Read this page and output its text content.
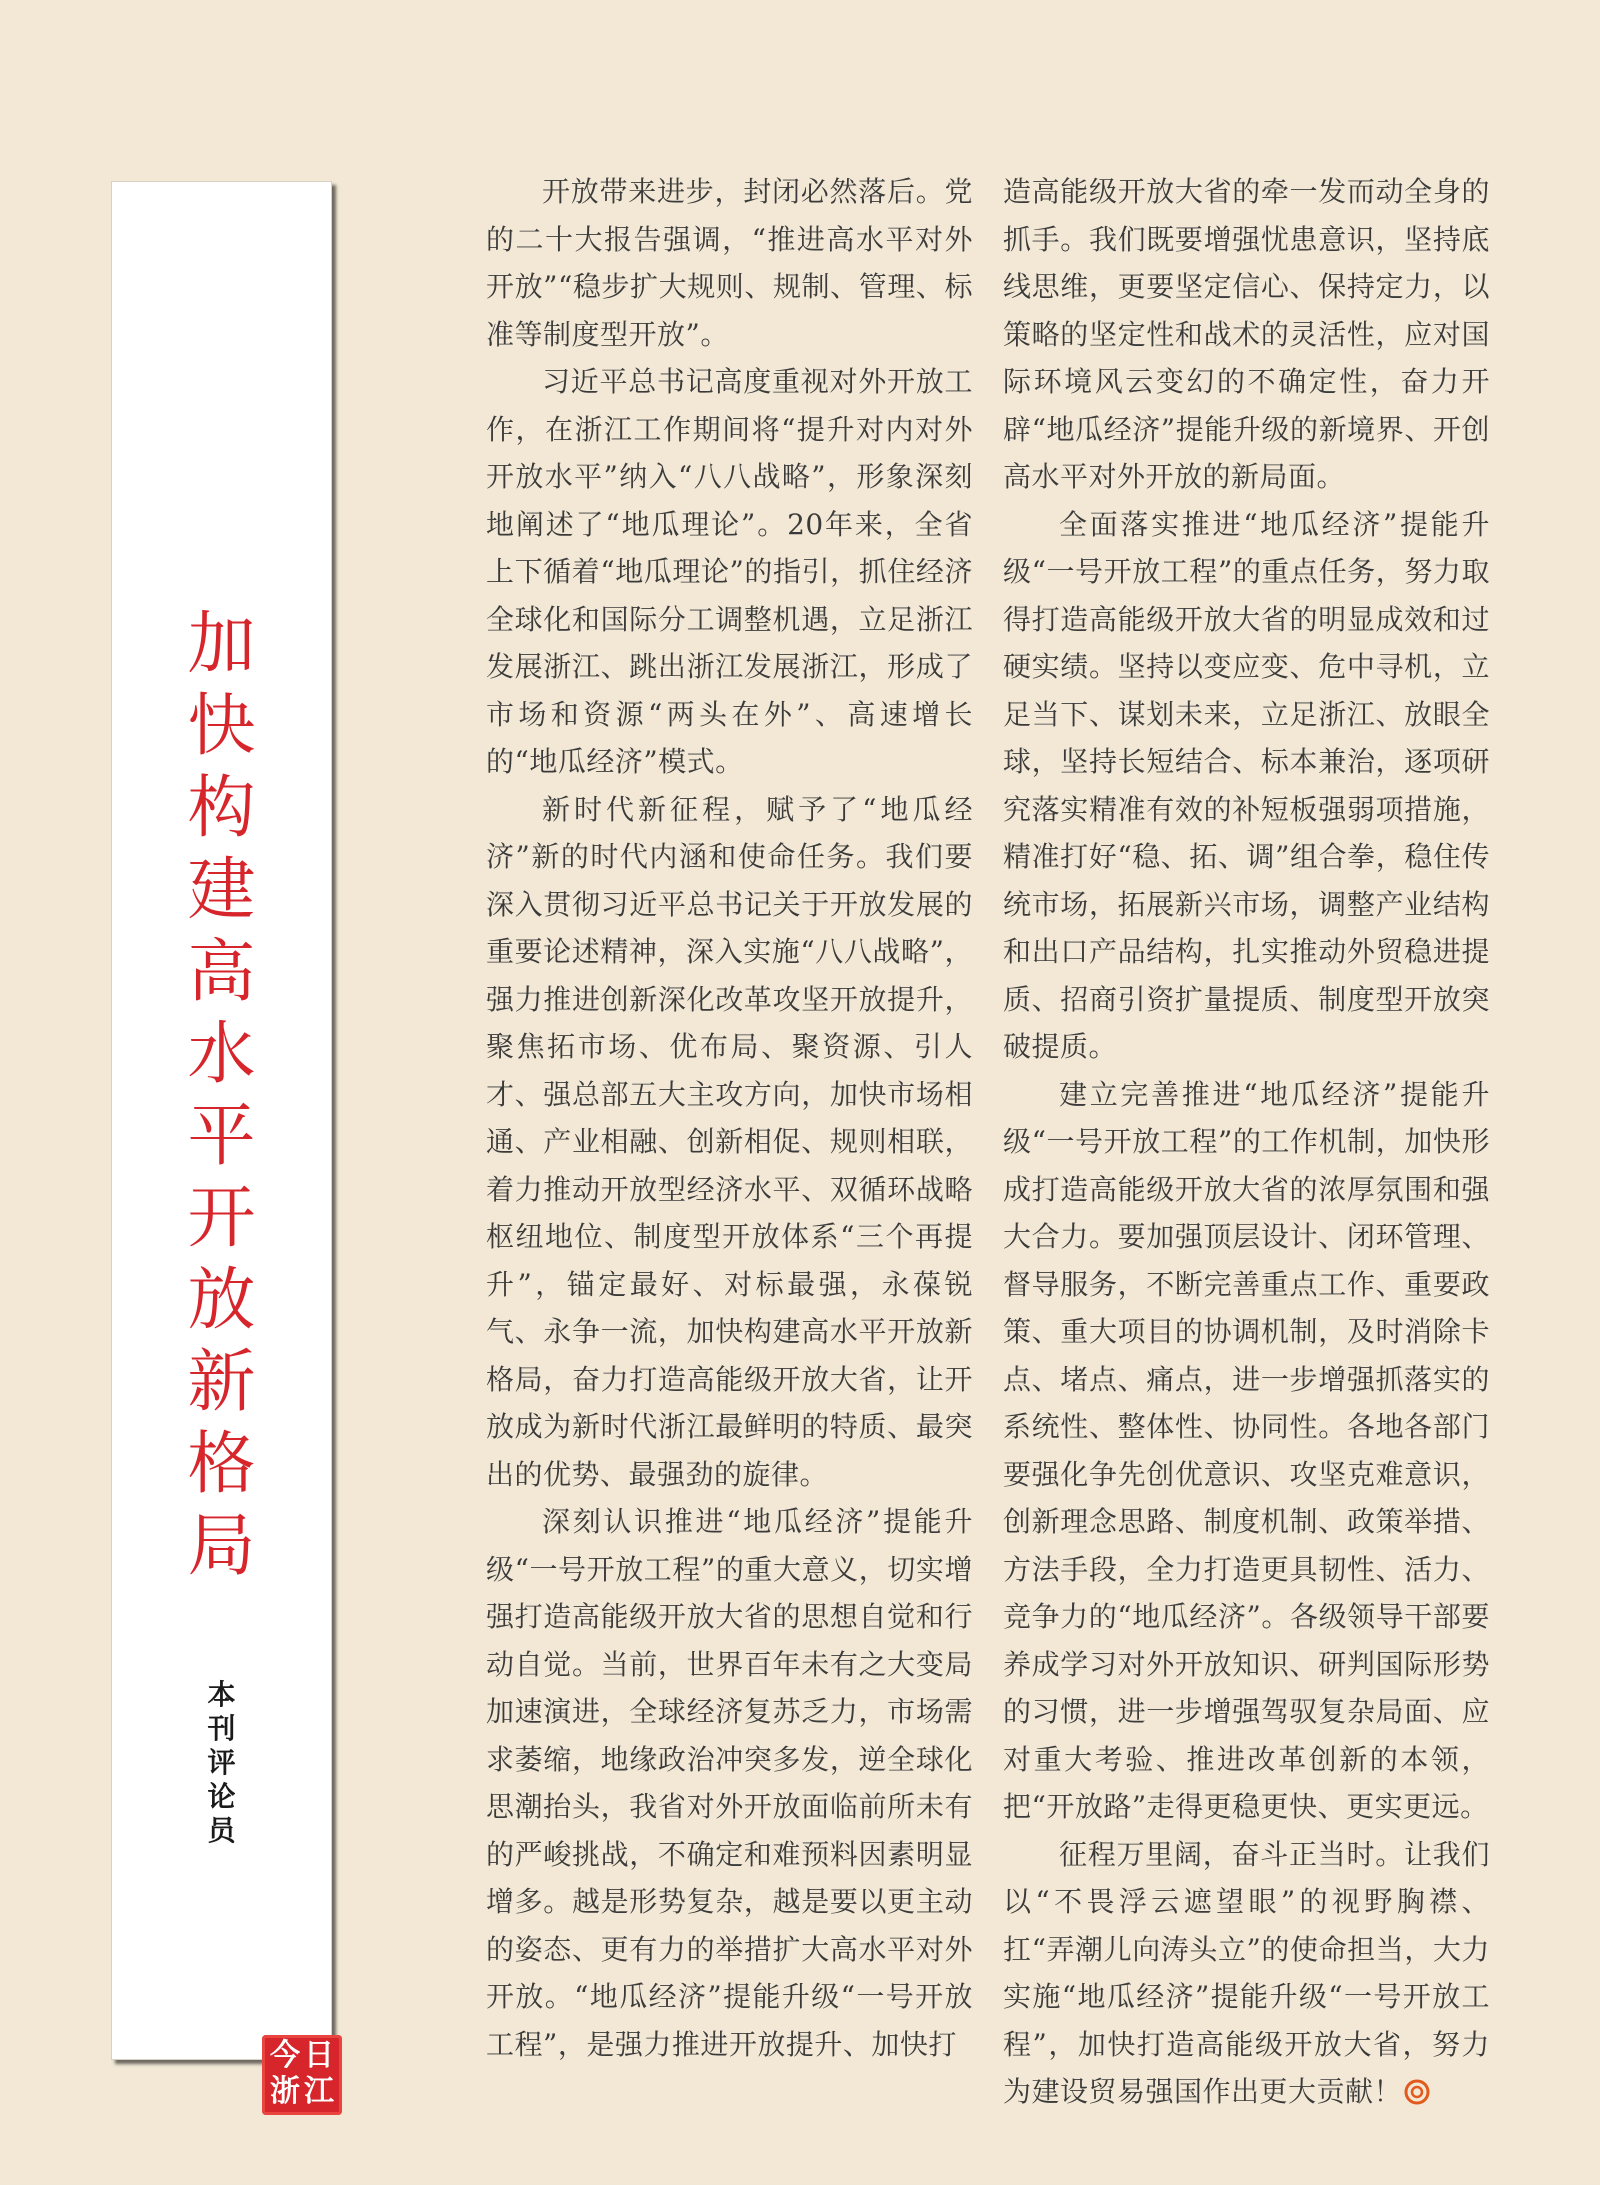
加快构建高水平开放新格局
本刊评论员
今 日
浙 江

开放带来进步，封闭必然落后。党的二十大报告强调，“推进高水平对外开放”“稳步扩大规则、规制、管理、标准等制度型开放”。

习近平总书记高度重视对外开放工作，在浙江工作期间将“提升对内对外开放水平”纳入“八八战略”，形象深刻地阐述了“地瓜理论”。20年来，全省上下循着“地瓜理论”的指引，抓住经济全球化和国际分工调整机遇，立足浙江发展浙江、跳出浙江发展浙江，形成了市场和资源“两头在外”、高速增长的“地瓜经济”模式。

新时代新征程，赋予了“地瓜经济”新的时代内涵和使命任务。我们要深入贯彻习近平总书记关于开放发展的重要论述精神，深入实施“八八战略”，强力推进创新深化改革攻坚开放提升，聚焦拓市场、优布局、聚资源、引人才、强总部五大主攻方向，加快市场相通、产业相融、创新相促、规则相联，着力推动开放型经济水平、双循环战略枢纽地位、制度型开放体系“三个再提升”，锚定最好、对标最强，永葆锐气、永争一流，加快构建高水平开放新格局，奋力打造高能级开放大省，让开放成为新时代浙江最鲜明的特质、最突出的优势、最强劲的旋律。

深刻认识推进“地瓜经济”提能升级“一号开放工程”的重大意义，切实增强打造高能级开放大省的思想自觉和行动自觉。当前，世界百年未有之大变局加速演进，全球经济复苏乏力，市场需求萎缩，地缘政治冲突多发，逆全球化思潮抬头，我省对外开放面临前所未有的严峻挑战，不确定和难预料因素明显增多。越是形势复杂，越是要以更主动的姿态、更有力的举措扩大高水平对外开放。“地瓜经济”提能升级“一号开放工程”，是强力推进开放提升、加快打

造高能级开放大省的牵一发而动全身的抓手。我们既要增强忧患意识，坚持底线思维，更要坚定信心、保持定力，以策略的坚定性和战术的灵活性，应对国际环境风云变幻的不确定性，奋力开辟“地瓜经济”提能升级的新境界、开创高水平对外开放的新局面。

全面落实推进“地瓜经济”提能升级“一号开放工程”的重点任务，努力取得打造高能级开放大省的明显成效和过硬实绩。坚持以变应变、危中寻机，立足当下、谋划未来，立足浙江、放眼全球，坚持长短结合、标本兼治，逐项研究落实精准有效的补短板强弱项措施，精准打好“稳、拓、调”组合拳，稳住传统市场，拓展新兴市场，调整产业结构和出口产品结构，扎实推动外贸稳进提质、招商引资扩量提质、制度型开放突破提质。

建立完善推进“地瓜经济”提能升级“一号开放工程”的工作机制，加快形成打造高能级开放大省的浓厚氛围和强大合力。要加强顶层设计、闭环管理、督导服务，不断完善重点工作、重要政策、重大项目的协调机制，及时消除卡点、堵点、痛点，进一步增强抓落实的系统性、整体性、协同性。各地各部门要强化争先创优意识、攻坚克难意识，创新理念思路、制度机制、政策举措、方法手段，全力打造更具韧性、活力、竞争力的“地瓜经济”。各级领导干部要养成学习对外开放知识、研判国际形势的习惯，进一步增强驾驭复杂局面、应对重大考验、推进改革创新的本领，把“开放路”走得更稳更快、更实更远。

征程万里阔，奋斗正当时。让我们以“不畏浮云遮望眼”的视野胸襟、扛“弄潮儿向涛头立”的使命担当，大力实施“地瓜经济”提能升级“一号开放工程”，加快打造高能级开放大省，努力为建设贸易强国作出更大贡献！
